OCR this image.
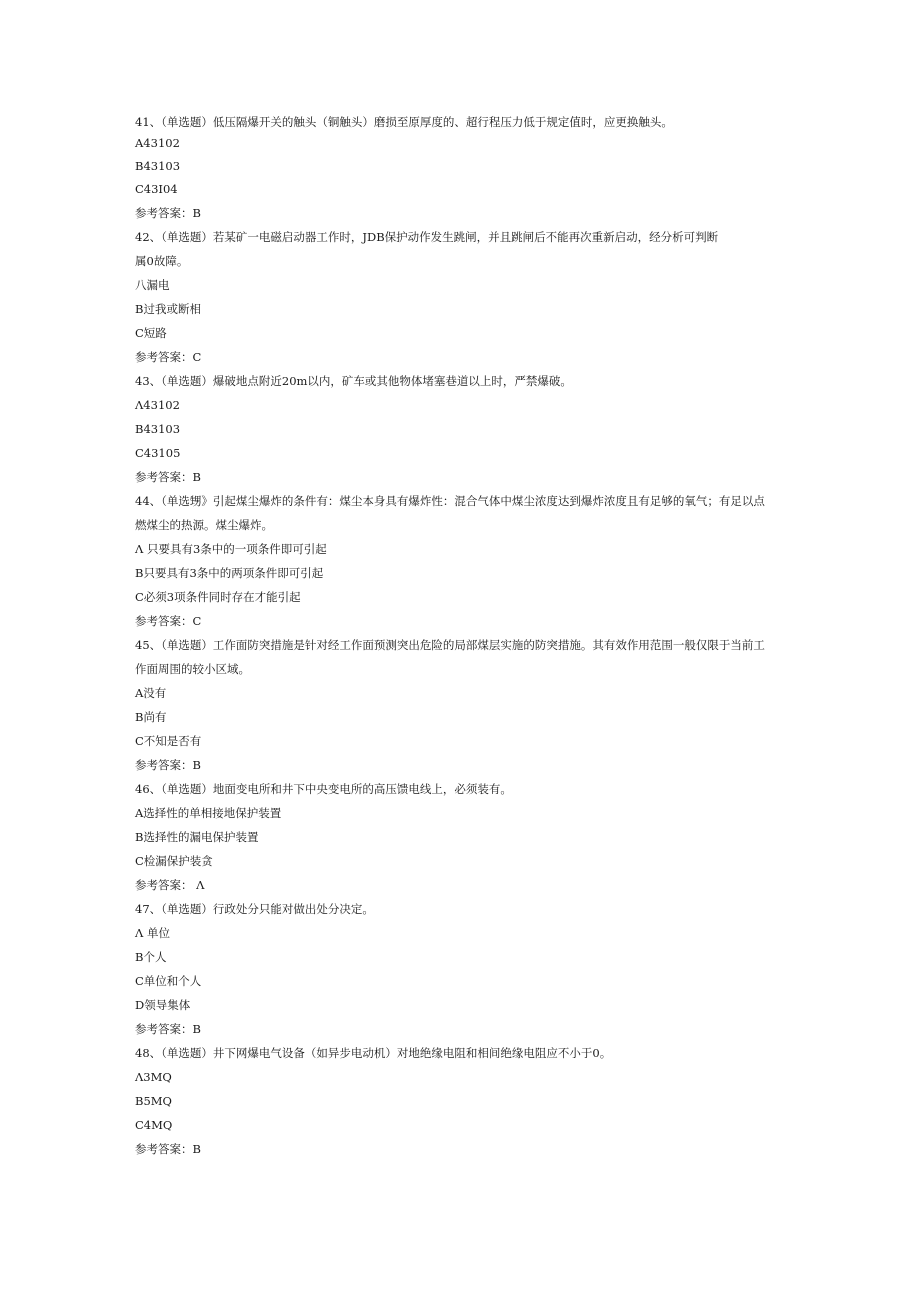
41、（单选题）低压隔爆开关的触头（铜触头）磨损至原厚度的、超行程压力低于规定值时，应更换触头。
A43102
B43103
C43I04
参考答案：B
42、（单选题）若某矿一电磁启动器工作时，JDB保护动作发生跳闸，并且跳闸后不能再次重新启动，经分析可判断
属0故障。
八漏电
B过我或断相
C短路
参考答案：C
43、（单选题）爆破地点附近20m以内，矿车或其他物体堵塞巷道以上时，严禁爆破。
Λ43102
B43103
C43105
参考答案：B
44、（单选甥》引起煤尘爆炸的条件有：煤尘本身具有爆炸性：混合气体中煤尘浓度达到爆炸浓度且有足够的氧气；有足以点
燃煤尘的热源。煤尘爆炸。
Λ 只要具有3条中的一项条件即可引起
B只要具有3条中的两项条件即可引起
C必须3项条件同时存在才能引起
参考答案：C
45、（单选题）工作面防突措施是针对经工作面预测突出危险的局部煤层实施的防突措施。其有效作用范围一般仅限于当前工
作面周围的较小区域。
A没有
B尚有
C不知是否有
参考答案：B
46、（单选题）地面变电所和井下中央变电所的高压馈电线上，必须装有。
A选择性的单相接地保护装置
B选择性的漏电保护装置
C检漏保护装贪
参考答案： Λ
47、（单选题）行政处分只能对做出处分决定。
Λ 单位
B个人
C单位和个人
D领导集体
参考答案：B
48、（单选题）井下网爆电气设备（如异步电动机）对地绝缘电阻和相间绝缘电阻应不小于0。
Λ3MQ
B5MQ
C4MQ
参考答案：B
